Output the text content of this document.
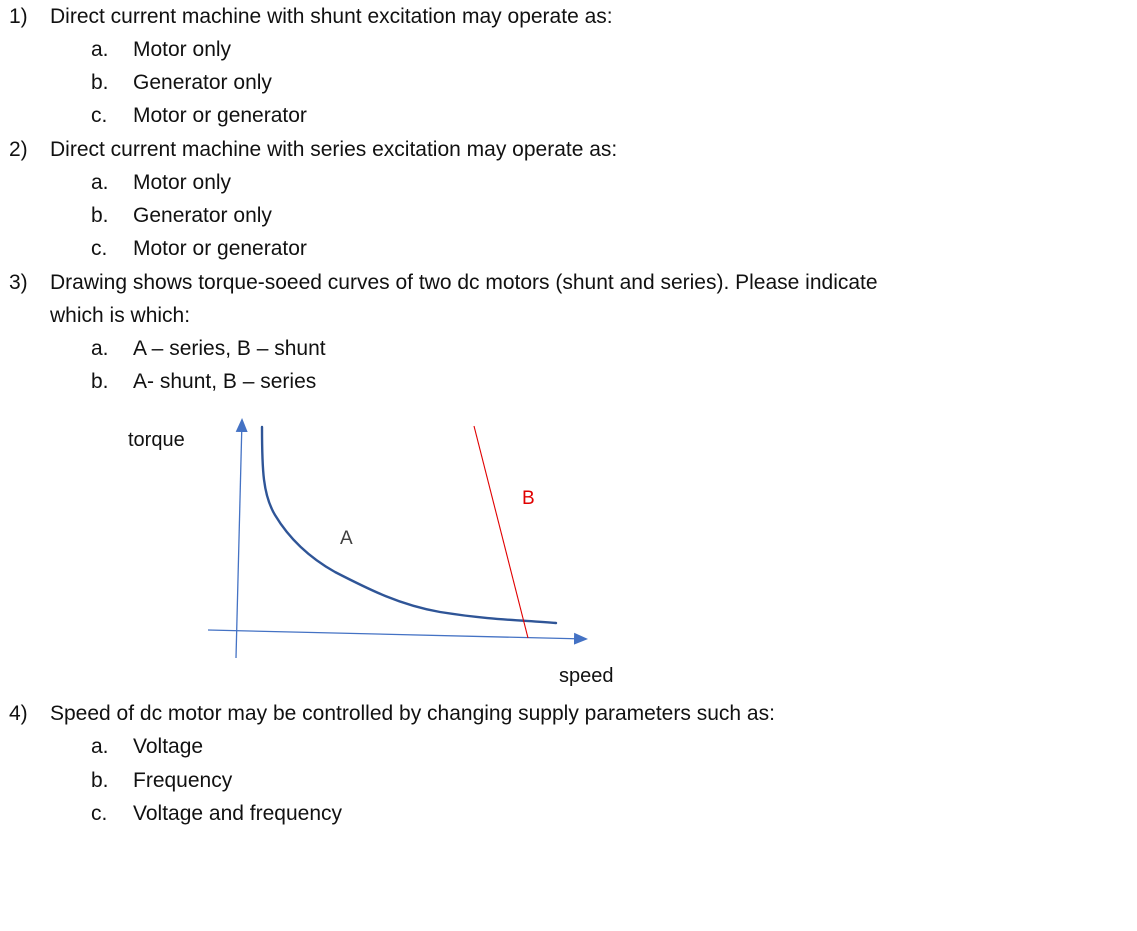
1) Direct current machine with shunt excitation may operate as:
a. Motor only
b. Generator only
c. Motor or generator
2) Direct current machine with series excitation may operate as:
a. Motor only
b. Generator only
c. Motor or generator
3) Drawing shows torque-soeed curves of two dc motors (shunt and series). Please indicate
which is which:
a. A – series, B – shunt
b. A- shunt, B – series
torque
speed
A
B
4) Speed of dc motor may be controlled by changing supply parameters such as:
a. Voltage
b. Frequency
c. Voltage and frequency
